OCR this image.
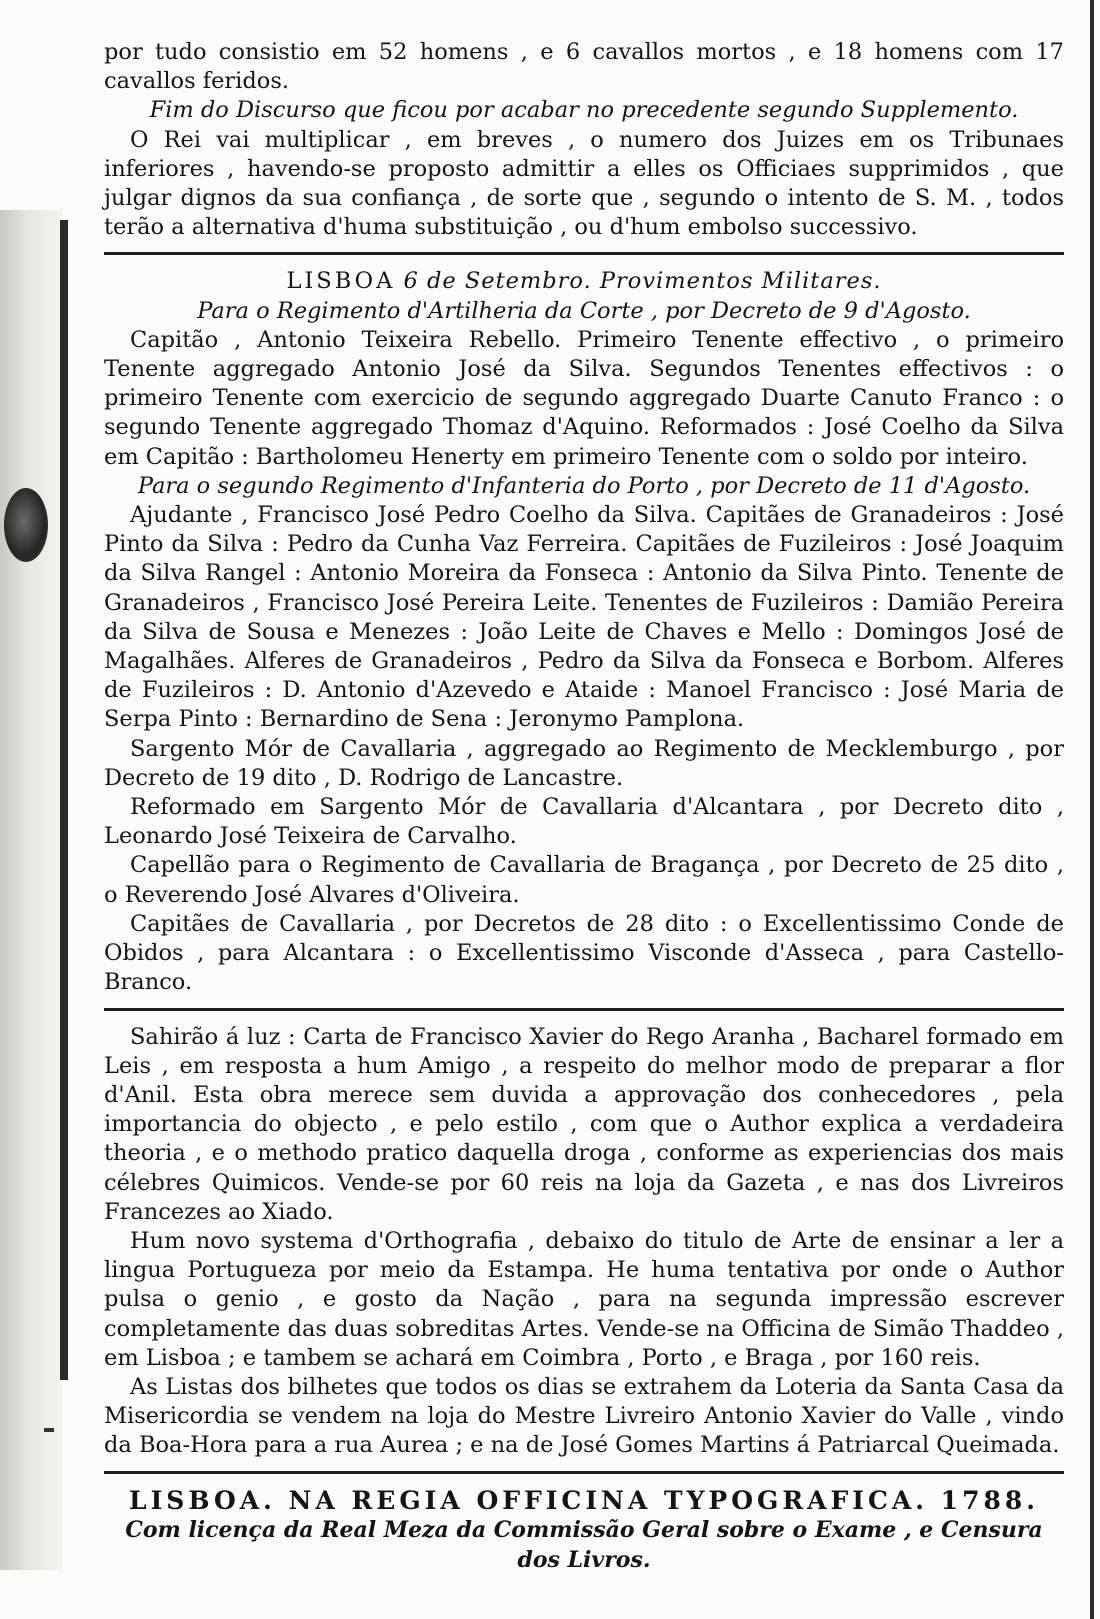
por tudo consistio em 52 homens , e 6 cavallos mortos , e 18 homens com 17 cavallos feridos.

Fim do Discurso que ficou por acabar no precedente segundo Supplemento.

O Rei vai multiplicar , em breves , o numero dos Juizes em os Tribunaes inferiores , havendo-se proposto admittir a elles os Officiaes supprimidos , que julgar dignos da sua confiança , de sorte que , segundo o intento de S. M. , todos terão a alternativa d'huma substituição , ou d'hum embolso successivo.

LISBOA 6 de Setembro. Provimentos Militares.

Para o Regimento d'Artilheria da Corte , por Decreto de 9 d'Agosto.

Capitão , Antonio Teixeira Rebello. Primeiro Tenente effectivo , o primeiro Tenente aggregado Antonio José da Silva. Segundos Tenentes effectivos : o primeiro Tenente com exercicio de segundo aggregado Duarte Canuto Franco : o segundo Tenente aggregado Thomaz d'Aquino. Reformados : José Coelho da Silva em Capitão : Bartholomeu Henerty em primeiro Tenente com o soldo por inteiro.

Para o segundo Regimento d'Infanteria do Porto , por Decreto de 11 d'Agosto.

Ajudante , Francisco José Pedro Coelho da Silva. Capitães de Granadeiros : José Pinto da Silva : Pedro da Cunha Vaz Ferreira. Capitães de Fuzileiros : José Joaquim da Silva Rangel : Antonio Moreira da Fonseca : Antonio da Silva Pinto. Tenente de Granadeiros , Francisco José Pereira Leite. Tenentes de Fuzileiros : Damião Pereira da Silva de Sousa e Menezes : João Leite de Chaves e Mello : Domingos José de Magalhães. Alferes de Granadeiros , Pedro da Silva da Fonseca e Borbom. Alferes de Fuzileiros : D. Antonio d'Azevedo e Ataide : Manoel Francisco : José Maria de Serpa Pinto : Bernardino de Sena : Jeronymo Pamplona.

Sargento Mór de Cavallaria , aggregado ao Regimento de Mecklemburgo , por Decreto de 19 dito , D. Rodrigo de Lancastre.

Reformado em Sargento Mór de Cavallaria d'Alcantara , por Decreto dito , Leonardo José Teixeira de Carvalho.

Capellão para o Regimento de Cavallaria de Bragança , por Decreto de 25 dito , o Reverendo José Alvares d'Oliveira.

Capitães de Cavallaria , por Decretos de 28 dito : o Excellentissimo Conde de Obidos , para Alcantara : o Excellentissimo Visconde d'Asseca , para Castello-Branco.

Sahirão á luz : Carta de Francisco Xavier do Rego Aranha , Bacharel formado em Leis , em resposta a hum Amigo , a respeito do melhor modo de preparar a flor d'Anil. Esta obra merece sem duvida a approvação dos conhecedores , pela importancia do objecto , e pelo estilo , com que o Author explica a verdadeira theoria , e o methodo pratico daquella droga , conforme as experiencias dos mais célebres Quimicos. Vende-se por 60 reis na loja da Gazeta , e nas dos Livreiros Francezes ao Xiado.

Hum novo systema d'Orthografia , debaixo do titulo de Arte de ensinar a ler a lingua Portugueza por meio da Estampa. He huma tentativa por onde o Author pulsa o genio , e gosto da Nação , para na segunda impressão escrever completamente das duas sobreditas Artes. Vende-se na Officina de Simão Thaddeo , em Lisboa ; e tambem se achará em Coimbra , Porto , e Braga , por 160 reis.

As Listas dos bilhetes que todos os dias se extrahem da Loteria da Santa Casa da Misericordia se vendem na loja do Mestre Livreiro Antonio Xavier do Valle , vindo da Boa-Hora para a rua Aurea ; e na de José Gomes Martins á Patriarcal Queimada.

LISBOA. NA REGIA OFFICINA TYPOGRAFICA. 1788.

Com licença da Real Meza da Commissão Geral sobre o Exame , e Censura dos Livros.
